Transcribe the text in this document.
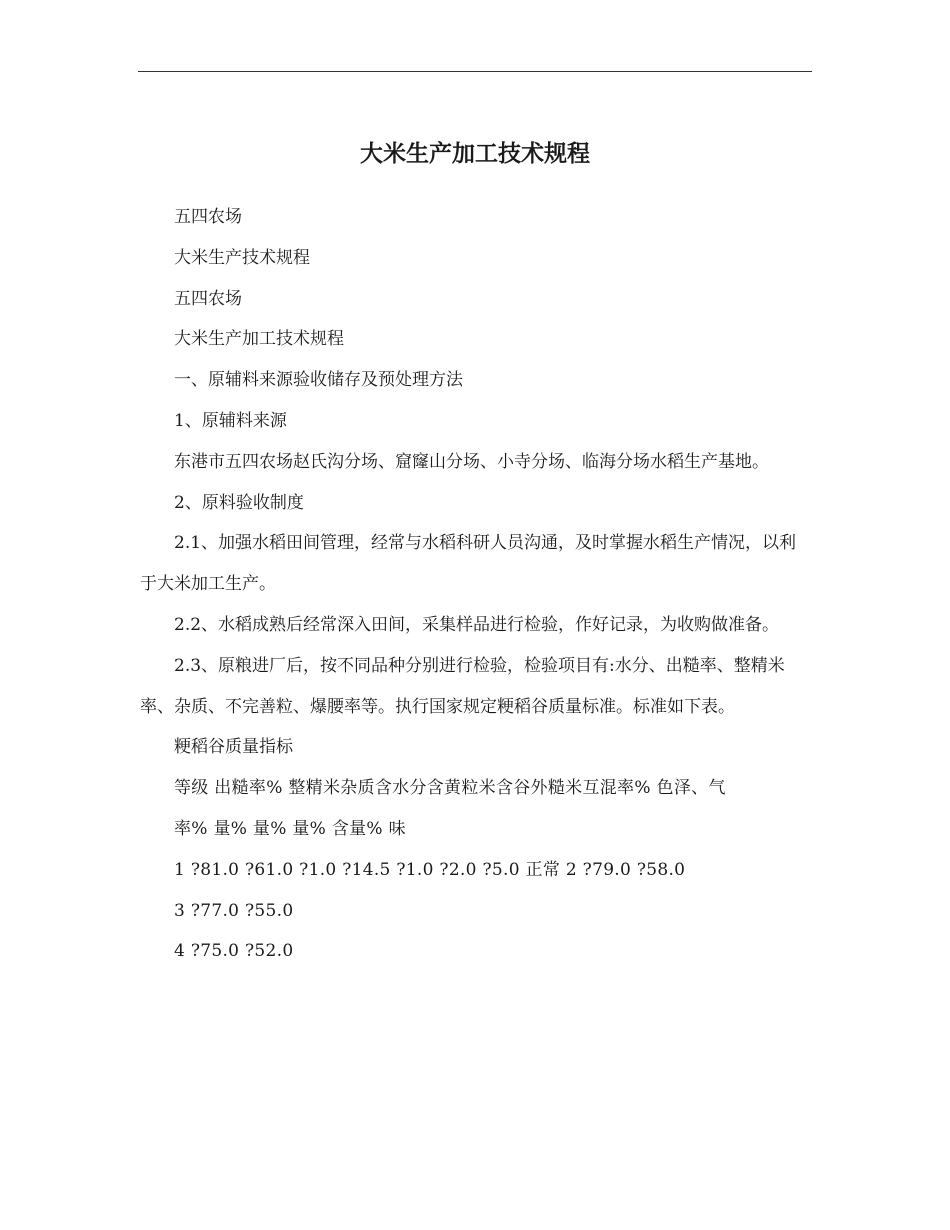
大米生产加工技术规程

五四农场

大米生产技术规程

五四农场

大米生产加工技术规程

一、原辅料来源验收储存及预处理方法

1、原辅料来源

东港市五四农场赵氏沟分场、窟窿山分场、小寺分场、临海分场水稻生产基地。

2、原料验收制度

2.1、加强水稻田间管理，经常与水稻科研人员沟通，及时掌握水稻生产情况，以利于大米加工生产。

2.2、水稻成熟后经常深入田间，采集样品进行检验，作好记录，为收购做准备。

2.3、原粮进厂后，按不同品种分别进行检验，检验项目有:水分、出糙率、整精米率、杂质、不完善粒、爆腰率等。执行国家规定粳稻谷质量标准。标准如下表。

粳稻谷质量指标

等级 出糙率% 整精米杂质含水分含黄粒米含谷外糙米互混率% 色泽、气

率% 量% 量% 量% 含量% 味

1 ?81.0 ?61.0 ?1.0 ?14.5 ?1.0 ?2.0 ?5.0 正常 2 ?79.0 ?58.0

3 ?77.0 ?55.0

4 ?75.0 ?52.0
